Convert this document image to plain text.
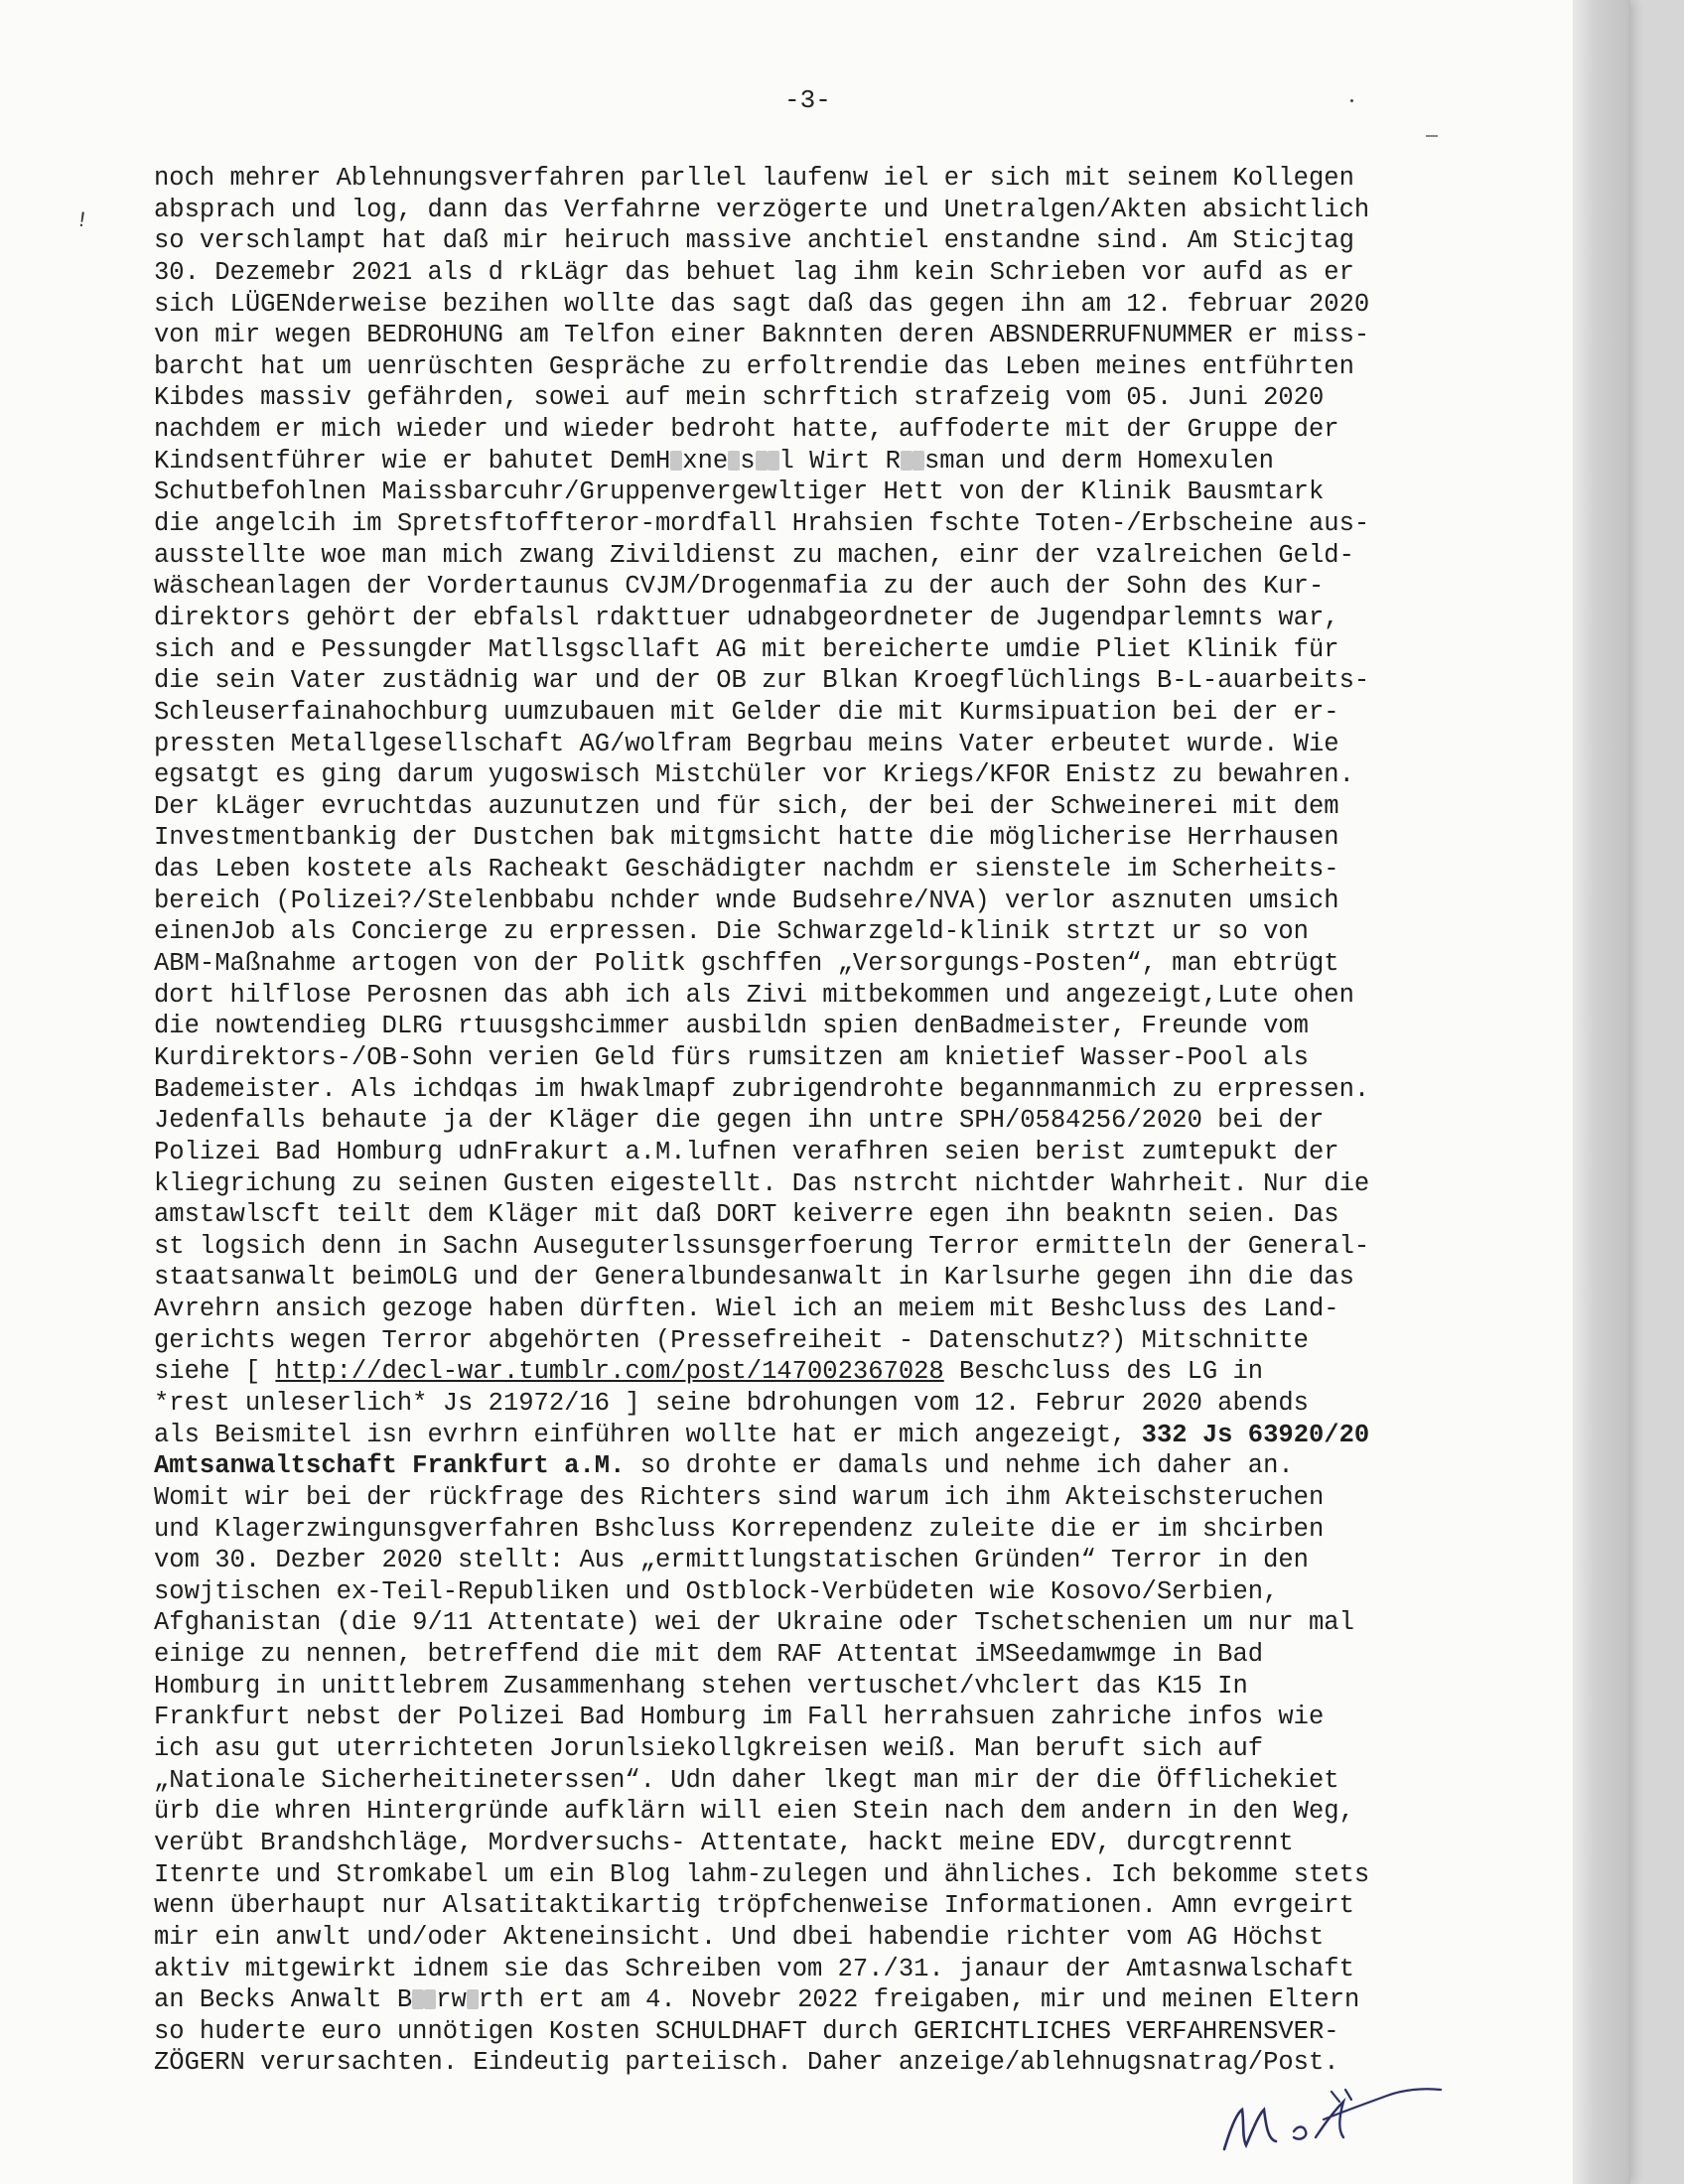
-3-
!
noch mehrer Ablehnungsverfahren parllel laufenw iel er sich mit seinem Kollegen
absprach und log, dann das Verfahrne verzögerte und Unetralgen/Akten absichtlich
so verschlampt hat daß mir heiruch massive anchtiel enstandne sind. Am Sticjtag
30. Dezemebr 2021 als d rkLägr das behuet lag ihm kein Schrieben vor aufd as er
sich LÜGENderweise bezihen wollte das sagt daß das gegen ihn am 12. februar 2020
von mir wegen BEDROHUNG am Telfon einer Baknnten deren ABSNDERRUFNUMMER er miss-
barcht hat um uenrüschten Gespräche zu erfoltrendie das Leben meines entführten
Kibdes massiv gefährden, sowei auf mein schrftich strafzeig vom 05. Juni 2020
nachdem er mich wieder und wieder bedroht hatte, auffoderte mit der Gruppe der
Kindsentführer wie er bahutet DemH xne s l Wirt R sman und derm Homexulen
Schutbefohlnen Maissbarcuhr/Gruppenvergewltiger Hett von der Klinik Bausmtark
die angelcih im Spretsftoffteror-mordfall Hrahsien fschte Toten-/Erbscheine aus-
ausstellte woe man mich zwang Zivildienst zu machen, einr der vzalreichen Geld-
wäscheanlagen der Vordertaunus CVJM/Drogenmafia zu der auch der Sohn des Kur-
direktors gehört der ebfalsl rdakttuer udnabgeordneter de Jugendparlemnts war,
sich and e Pessungder Matllsgscllaft AG mit bereicherte umdie Pliet Klinik für
die sein Vater zustädnig war und der OB zur Blkan Kroegflüchlings B-L-auarbeits-
Schleuserfainahochburg uumzubauen mit Gelder die mit Kurmsipuation bei der er-
pressten Metallgesellschaft AG/wolfram Begrbau meins Vater erbeutet wurde. Wie
egsatgt es ging darum yugoswisch Mistchüler vor Kriegs/KFOR Enistz zu bewahren.
Der kLäger evruchtdas auzunutzen und für sich, der bei der Schweinerei mit dem
Investmentbankig der Dustchen bak mitgmsicht hatte die möglicherise Herrhausen
das Leben kostete als Racheakt Geschädigter nachdm er sienstele im Scherheits-
bereich (Polizei?/Stelenbbabu nchder wnde Budsehre/NVA) verlor asznuten umsich
einenJob als Concierge zu erpressen. Die Schwarzgeld-klinik strtzt ur so von
ABM-Maßnahme artogen von der Politk gschffen „Versorgungs-Posten“, man ebtrügt
dort hilflose Perosnen das abh ich als Zivi mitbekommen und angezeigt,Lute ohen
die nowtendieg DLRG rtuusgshcimmer ausbildn spien denBadmeister, Freunde vom
Kurdirektors-/OB-Sohn verien Geld fürs rumsitzen am knietief Wasser-Pool als
Bademeister. Als ichdqas im hwaklmapf zubrigendrohte begannmanmich zu erpressen.
Jedenfalls behaute ja der Kläger die gegen ihn untre SPH/0584256/2020 bei der
Polizei Bad Homburg udnFrakurt a.M.lufnen verafhren seien berist zumtepukt der
kliegrichung zu seinen Gusten eigestellt. Das nstrcht nichtder Wahrheit. Nur die
amstawlscft teilt dem Kläger mit daß DORT keiverre egen ihn beakntn seien. Das
st logsich denn in Sachn Auseguterlssunsgerfoerung Terror ermitteln der General-
staatsanwalt beimOLG und der Generalbundesanwalt in Karlsurhe gegen ihn die das
Avrehrn ansich gezoge haben dürften. Wiel ich an meiem mit Beshcluss des Land-
gerichts wegen Terror abgehörten (Pressefreiheit - Datenschutz?) Mitschnitte
siehe [ http://decl-war.tumblr.com/post/147002367028 Beschcluss des LG in
*rest unleserlich* Js 21972/16 ] seine bdrohungen vom 12. Februr 2020 abends
als Beismitel isn evrhrn einführen wollte hat er mich angezeigt, 332 Js 63920/20
Amtsanwaltschaft Frankfurt a.M. so drohte er damals und nehme ich daher an.
Womit wir bei der rückfrage des Richters sind warum ich ihm Akteischsteruchen
und Klagerzwingunsgverfahren Bshcluss Korrependenz zuleite die er im shcirben
vom 30. Dezber 2020 stellt: Aus „ermittlungstatischen Gründen“ Terror in den
sowjtischen ex-Teil-Republiken und Ostblock-Verbüdeten wie Kosovo/Serbien,
Afghanistan (die 9/11 Attentate) wei der Ukraine oder Tschetschenien um nur mal
einige zu nennen, betreffend die mit dem RAF Attentat iMSeedamwmge in Bad
Homburg in unittlebrem Zusammenhang stehen vertuschet/vhclert das K15 In
Frankfurt nebst der Polizei Bad Homburg im Fall herrahsuen zahriche infos wie
ich asu gut uterrichteten Jorunlsiekollgkreisen weiß. Man beruft sich auf
„Nationale Sicherheitineterssen“. Udn daher lkegt man mir der die Öfflichekiet
ürb die whren Hintergründe aufklärn will eien Stein nach dem andern in den Weg,
verübt Brandshchläge, Mordversuchs- Attentate, hackt meine EDV, durcgtrennt
Itenrte und Stromkabel um ein Blog lahm-zulegen und ähnliches. Ich bekomme stets
wenn überhaupt nur Alsatitaktikartig tröpfchenweise Informationen. Amn evrgeirt
mir ein anwlt und/oder Akteneinsicht. Und dbei habendie richter vom AG Höchst
aktiv mitgewirkt idnem sie das Schreiben vom 27./31. janaur der Amtasnwalschaft
an Becks Anwalt B rw rth ert am 4. Novebr 2022 freigaben, mir und meinen Eltern
so huderte euro unnötigen Kosten SCHULDHAFT durch GERICHTLICHES VERFAHRENSVER-
ZÖGERN verursachten. Eindeutig parteiisch. Daher anzeige/ablehnugsnatrag/Post.
